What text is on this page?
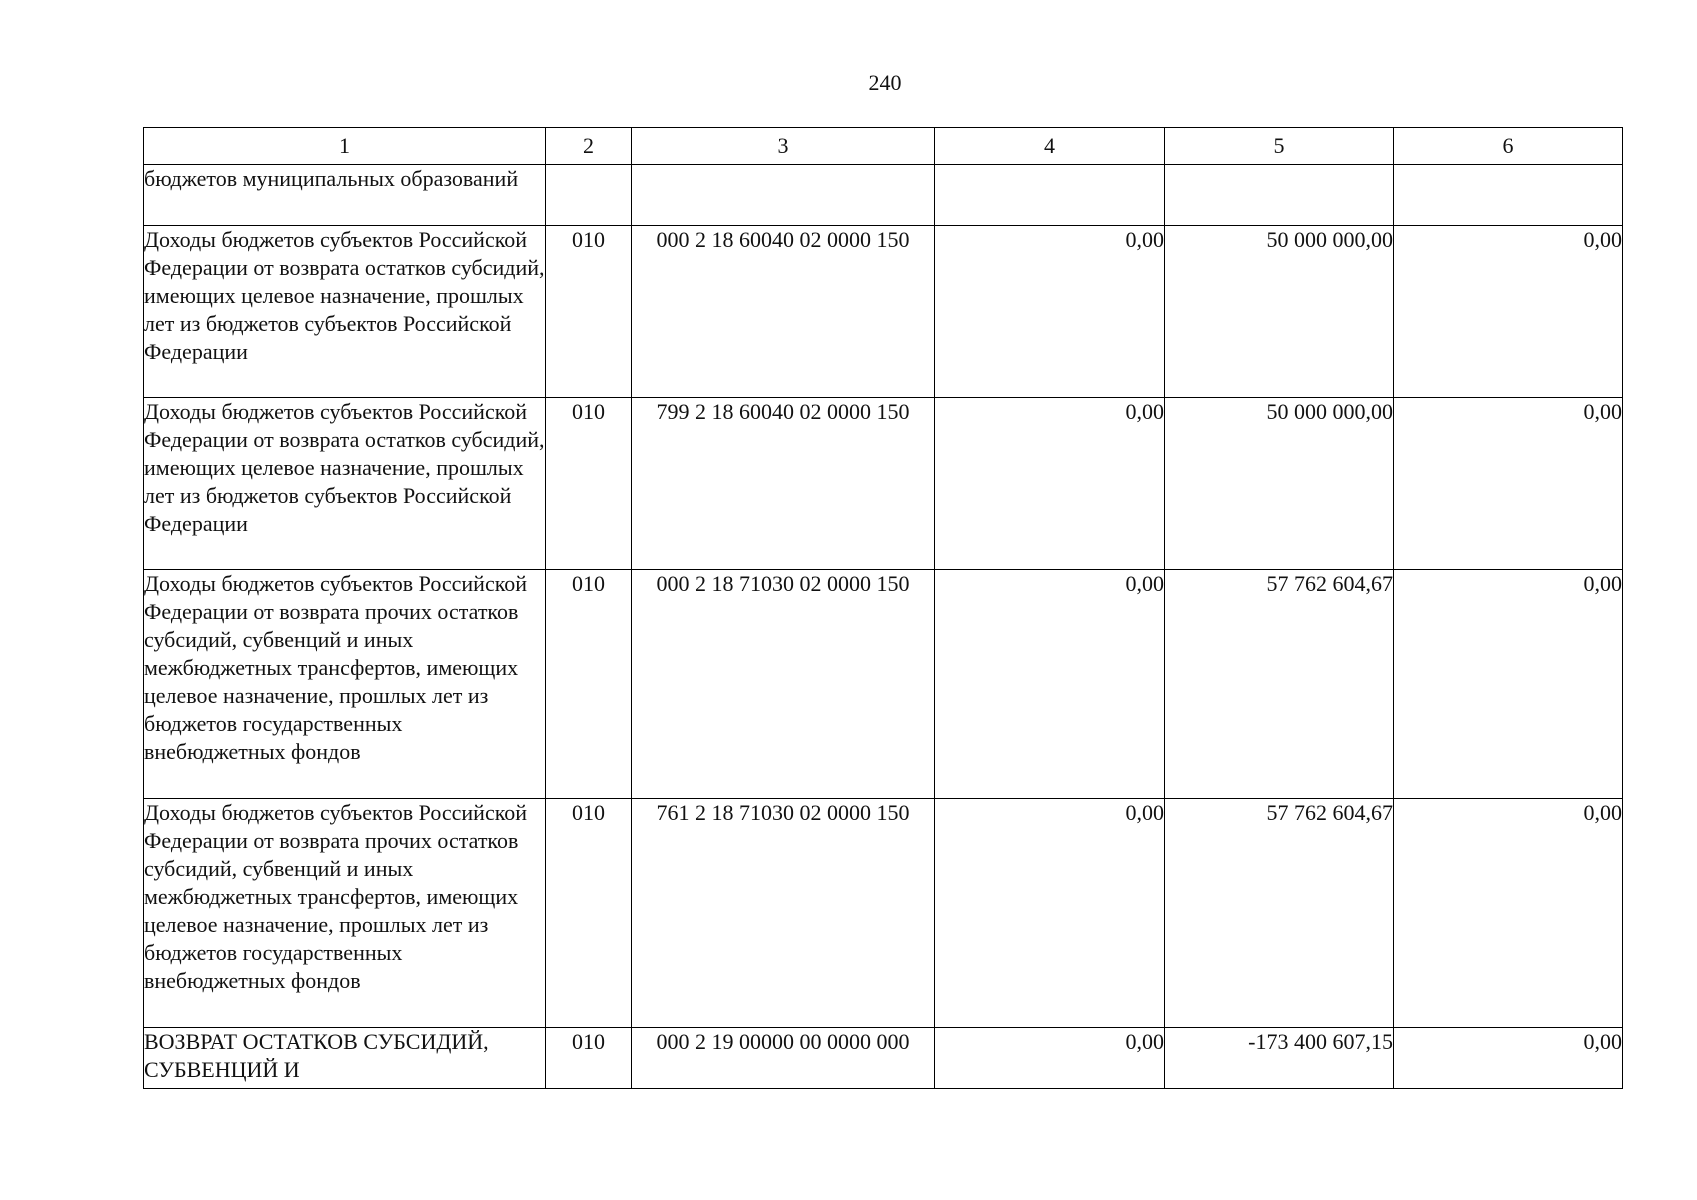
240
1	2	3	4	5	6
бюджетов муниципальных образований					
Доходы бюджетов субъектов Российской Федерации от возврата остатков субсидий, имеющих целевое назначение, прошлых лет из бюджетов субъектов Российской Федерации	010	000 2 18 60040 02 0000 150	0,00	50 000 000,00	0,00
Доходы бюджетов субъектов Российской Федерации от возврата остатков субсидий, имеющих целевое назначение, прошлых лет из бюджетов субъектов Российской Федерации	010	799 2 18 60040 02 0000 150	0,00	50 000 000,00	0,00
Доходы бюджетов субъектов Российской Федерации от возврата прочих остатков субсидий, субвенций и иных межбюджетных трансфертов, имеющих целевое назначение, прошлых лет из бюджетов государственных внебюджетных фондов	010	000 2 18 71030 02 0000 150	0,00	57 762 604,67	0,00
Доходы бюджетов субъектов Российской Федерации от возврата прочих остатков субсидий, субвенций и иных межбюджетных трансфертов, имеющих целевое назначение, прошлых лет из бюджетов государственных внебюджетных фондов	010	761 2 18 71030 02 0000 150	0,00	57 762 604,67	0,00
ВОЗВРАТ ОСТАТКОВ СУБСИДИЙ, СУБВЕНЦИЙ И	010	000 2 19 00000 00 0000 000	0,00	-173 400 607,15	0,00
